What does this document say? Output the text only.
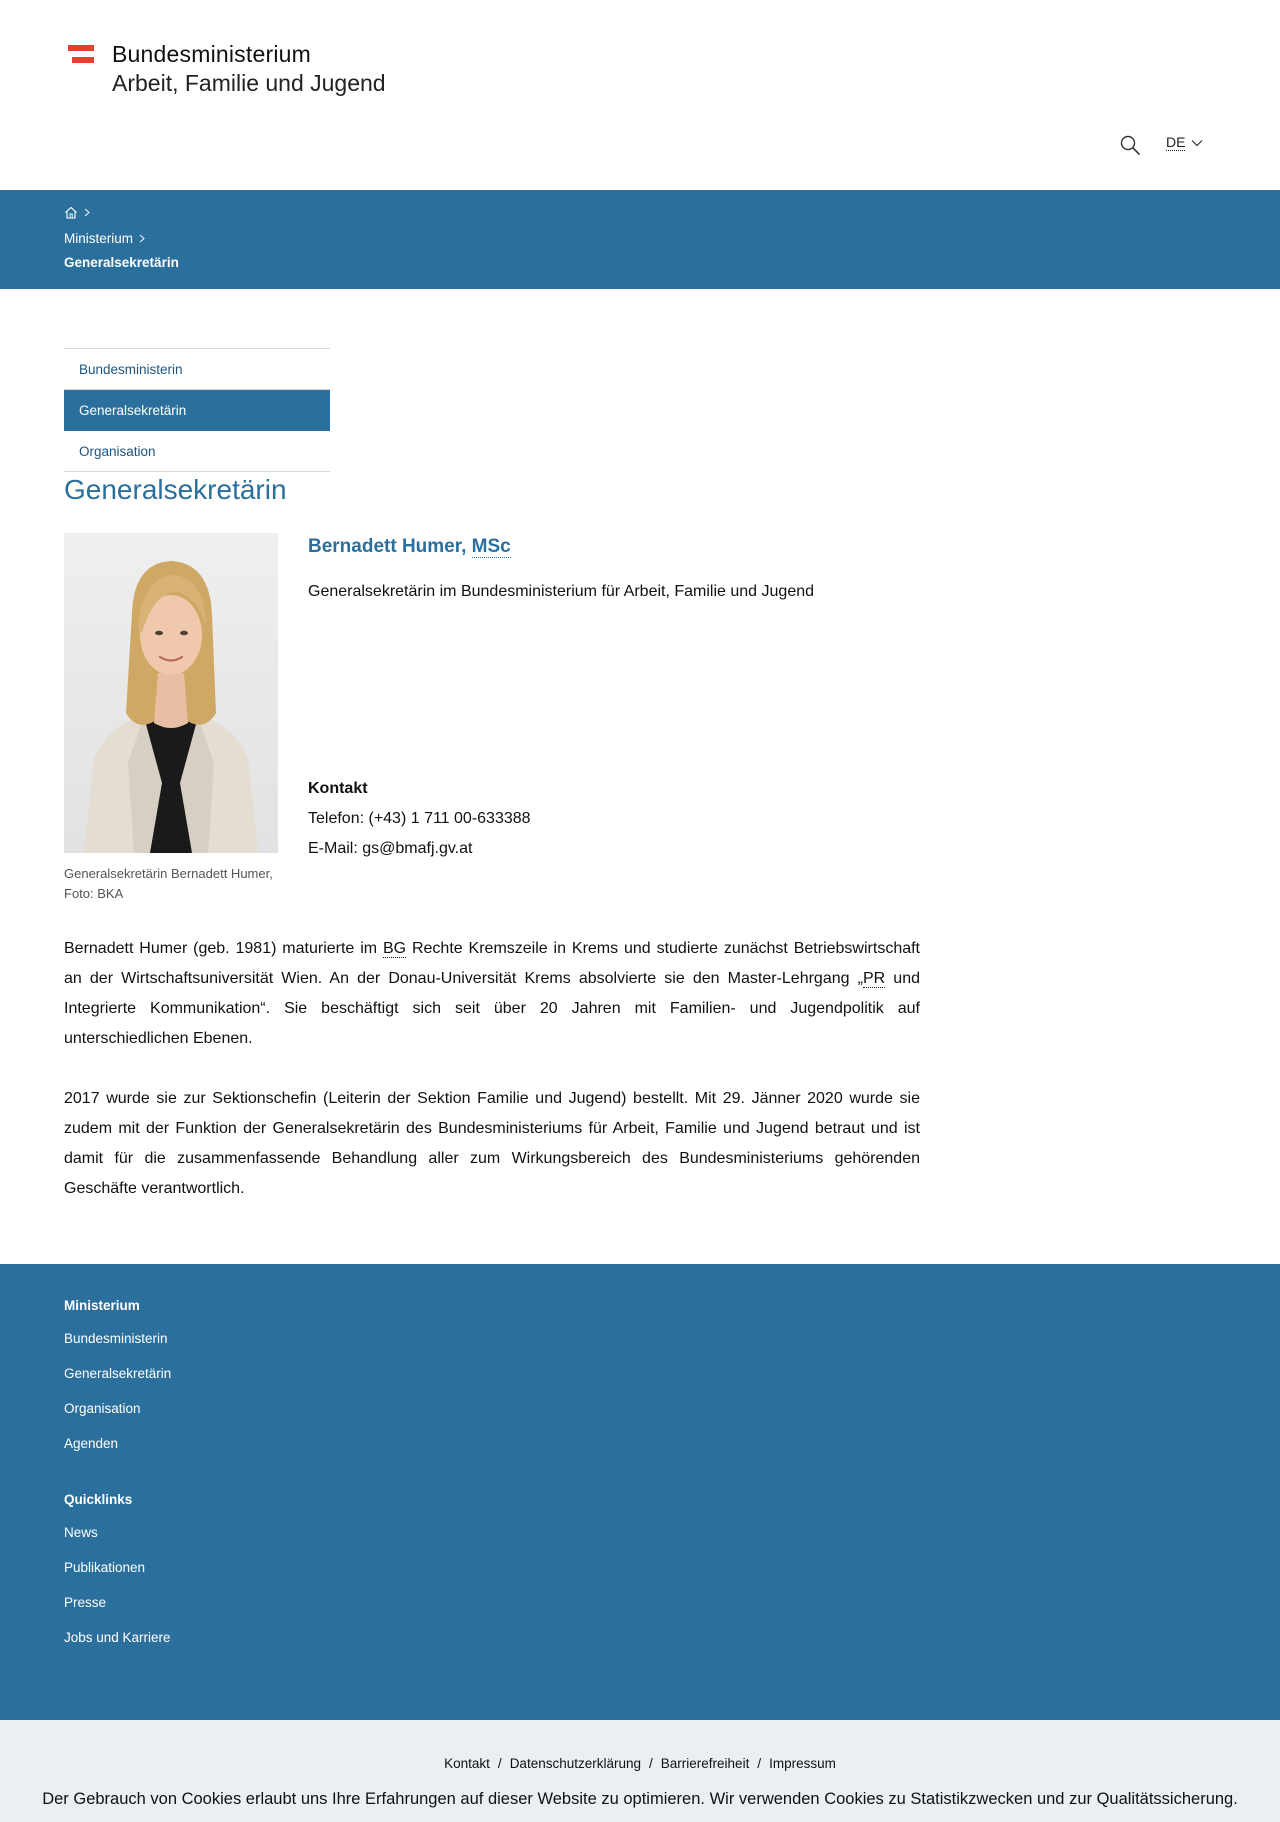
Bundesministerium
Arbeit, Familie und Jugend
DE
Ministerium
Generalsekretärin
Bundesministerin
Generalsekretärin
Organisation
Generalsekretärin
Generalsekretärin Bernadett Humer, Foto: BKA
Bernadett Humer, MSc
Generalsekretärin im Bundesministerium für Arbeit, Familie und Jugend
Kontakt
Telefon: (+43) 1 711 00-633388
E-Mail: gs@bmafj.gv.at

Bernadett Humer (geb. 1981) maturierte im BG Rechte Kremszeile in Krems und studierte zunächst Betriebswirtschaft an der Wirtschaftsuniversität Wien. An der Donau-Universität Krems absolvierte sie den Master-Lehrgang „PR und Integrierte Kommunikation“. Sie beschäftigt sich seit über 20 Jahren mit Familien- und Jugendpolitik auf unterschiedlichen Ebenen.

2017 wurde sie zur Sektionschefin (Leiterin der Sektion Familie und Jugend) bestellt. Mit 29. Jänner 2020 wurde sie zudem mit der Funktion der Generalsekretärin des Bundesministeriums für Arbeit, Familie und Jugend betraut und ist damit für die zusammenfassende Behandlung aller zum Wirkungsbereich des Bundesministeriums gehörenden Geschäfte verantwortlich.

Ministerium
Bundesministerin
Generalsekretärin
Organisation
Agenden
Quicklinks
News
Publikationen
Presse
Jobs und Karriere
Kontakt / Datenschutzerklärung / Barrierefreiheit / Impressum
Der Gebrauch von Cookies erlaubt uns Ihre Erfahrungen auf dieser Website zu optimieren. Wir verwenden Cookies zu Statistikzwecken und zur Qualitätssicherung.
